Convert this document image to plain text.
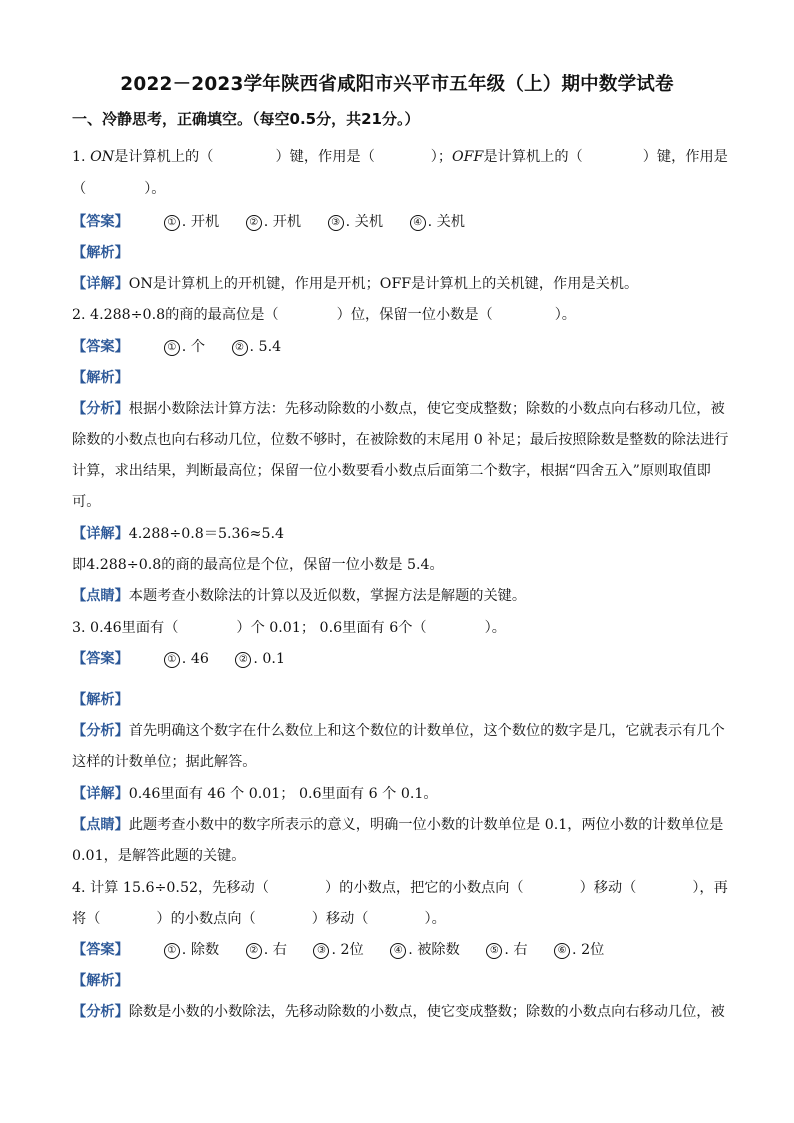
2022－2023学年陕西省咸阳市兴平市五年级（上）期中数学试卷
一、冷静思考，正确填空。（每空0.5分，共21分。）
1. ON是计算机上的（	）键，作用是（	）；OFF是计算机上的（	）键，作用是
（	）。
【答案】	① . 开机	② . 开机	③ . 关机	④ . 关机
【解析】
【详解】ON是计算机上的开机键，作用是开机；OFF是计算机上的关机键，作用是关机。
2. 4.288÷0.8的商的最高位是（	）位，保留一位小数是（	）。
【答案】	① . 个	② . 5.4
【解析】
【分析】根据小数除法计算方法：先移动除数的小数点，使它变成整数；除数的小数点向右移动几位，被
除数的小数点也向右移动几位，位数不够时，在被除数的末尾用 0 补足；最后按照除数是整数的除法进行
计算，求出结果，判断最高位；保留一位小数要看小数点后面第二个数字，根据“四舍五入”原则取值即
可。
【详解】4.288÷0.8＝5.36≈5.4
即4.288÷0.8的商的最高位是个位，保留一位小数是 5.4。
【点睛】本题考查小数除法的计算以及近似数，掌握方法是解题的关键。
3. 0.46里面有（	）个 0.01； 0.6里面有 6个（	）。
【答案】	① . 46	② . 0.1
【解析】
【分析】首先明确这个数字在什么数位上和这个数位的计数单位，这个数位的数字是几，它就表示有几个
这样的计数单位；据此解答。
【详解】0.46里面有 46 个 0.01； 0.6里面有 6 个 0.1。
【点睛】此题考查小数中的数字所表示的意义，明确一位小数的计数单位是 0.1，两位小数的计数单位是
0.01，是解答此题的关键。
4. 计算 15.6÷0.52，先移动（	）的小数点，把它的小数点向（	）移动（	），再
将（	）的小数点向（	）移动（	）。
【答案】	① . 除数	② . 右	③ . 2位	④ . 被除数	⑤ . 右	⑥ . 2位
【解析】
【分析】除数是小数的小数除法，先移动除数的小数点，使它变成整数；除数的小数点向右移动几位，被
